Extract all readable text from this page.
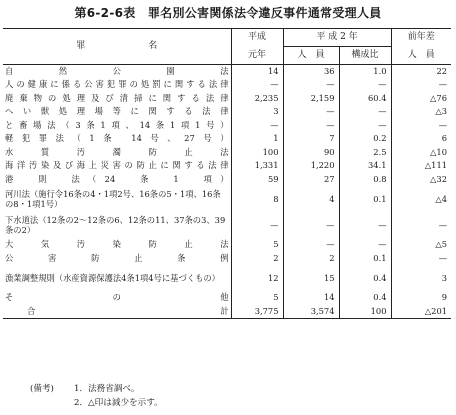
第6-2-6表　罪名別公害関係法令違反事件通常受理人員
罪　　　　　　　名	平成	平 成 2 年		前年差
	元年	人　員	構成比	人　員
自　然　公　園　法	14	36	1.0	22
人の健康に係る公害犯罪の処罰に関する法律	—	—	—	—
廃棄物の処理及び清掃に関する法律	2,235	2,159	60.4	△76
へい獣処理場等に関する法律	3	—	—	△3
と畜場法（3条1項、14条1項1号）	—	—	—	—
軽犯罪法（1条 14号、27号）	1	7	0.2	6
水質汚濁防止法	100	90	2.5	△10
海洋汚染及び海上災害の防止に関する法律	1,331	1,220	34.1	△111
港　則　法（24　条　1　項）	59	27	0.8	△32
河川法（施行令16条の4・1項2号、16条の5・1項、16条の8・1項1号）	8	4	0.1	△4
下水道法（12条の2～12条の6、12条の11、37条の3、39条の2）	—	—	—	—
大　気　汚　染　防　止　法	5	—	—	△5
公　害　防　止　条　例	2	2	0.1	—
漁業調整規則（水産資源保護法4条1項4号に基づくもの）	12	15	0.4	3
そ　　の　　他	5	14	0.4	9
合　　　　　　計	3,775	3,574	100	△201
(備考) 1．法務省調べ。
2．△印は減少を示す。
